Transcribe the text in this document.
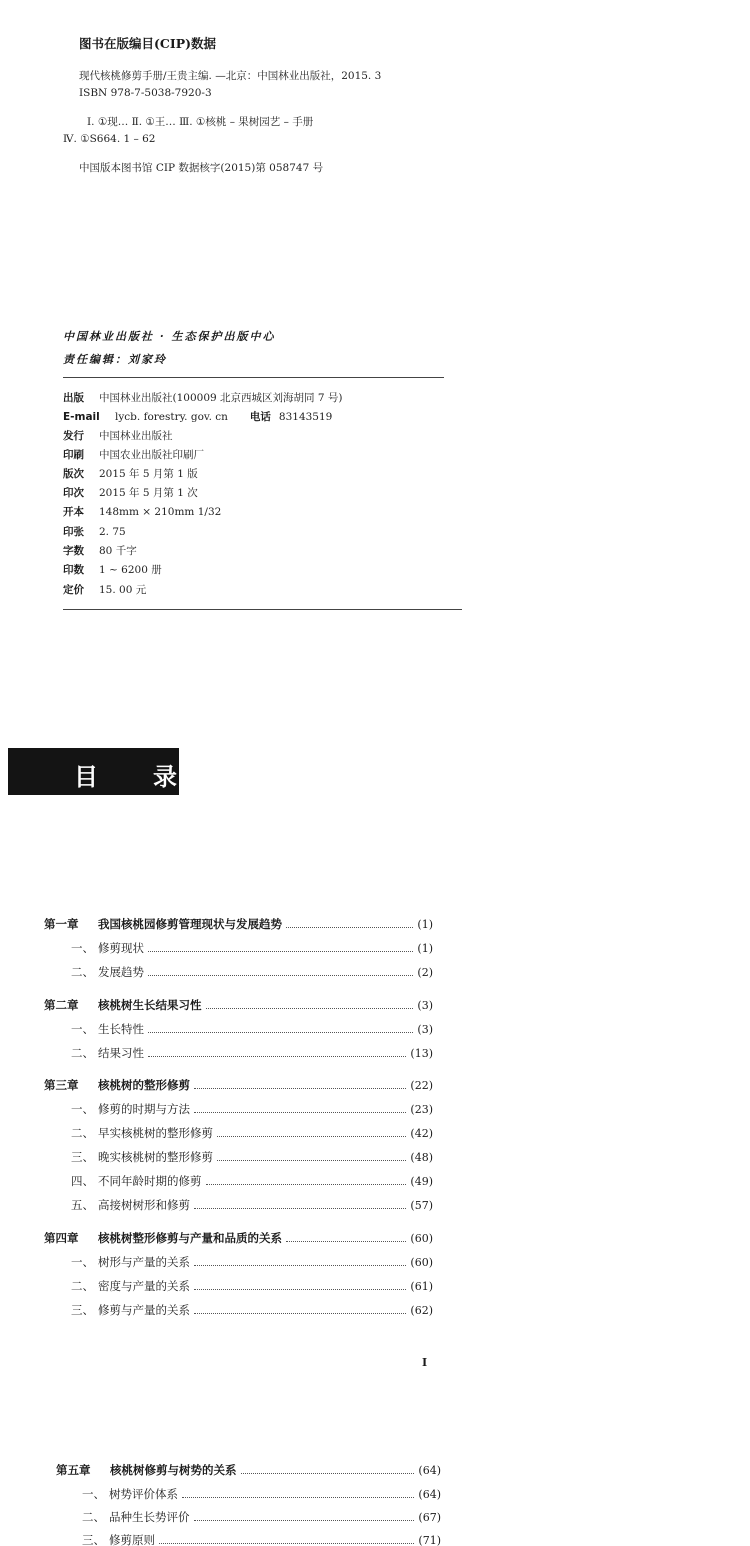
图书在版编目(CIP)数据
现代核桃修剪手册/王贵主编. —北京：中国林业出版社，2015. 3
ISBN 978-7-5038-7920-3
Ⅰ. ①现… Ⅱ. ①王… Ⅲ. ①核桃 – 果树园艺 – 手册
Ⅳ. ①S664. 1 – 62
中国版本图书馆 CIP 数据核字(2015)第 058747 号
中国林业出版社 · 生态保护出版中心
责任编辑：刘家玲
出版	中国林业出版社(100009 北京西城区刘海胡同 7 号)
E-mail	lycb. forestry. gov. cn 电话 83143519
发行	中国林业出版社
印刷	中国农业出版社印刷厂
版次	2015 年 5 月第 1 版
印次	2015 年 5 月第 1 次
开本	148mm × 210mm 1/32
印张	2. 75
字数	80 千字
印数	1 ~ 6200 册
定价	15. 00 元
目 录
第一章	我国核桃园修剪管理现状与发展趋势	(1)
一、 修剪现状	(1)
二、 发展趋势	(2)
第二章	核桃树生长结果习性	(3)
一、 生长特性	(3)
二、 结果习性	(13)
第三章	核桃树的整形修剪	(22)
一、 修剪的时期与方法	(23)
二、 早实核桃树的整形修剪	(42)
三、 晚实核桃树的整形修剪	(48)
四、 不同年龄时期的修剪	(49)
五、 高接树树形和修剪	(57)
第四章	核桃树整形修剪与产量和品质的关系	(60)
一、 树形与产量的关系	(60)
二、 密度与产量的关系	(61)
三、 修剪与产量的关系	(62)
I
第五章	核桃树修剪与树势的关系	(64)
一、 树势评价体系	(64)
二、 品种生长势评价	(67)
三、 修剪原则	(71)
